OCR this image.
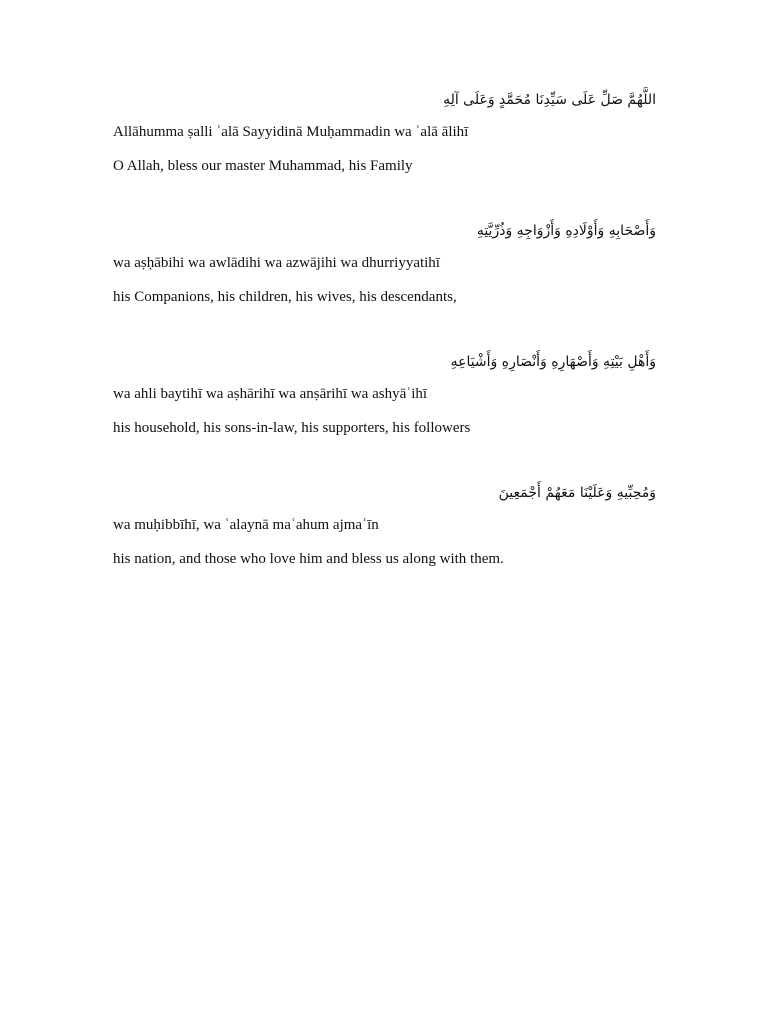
اللَّهُمَّ صَلِّ عَلَى سَيِّدِنَا مُحَمَّدٍ وَعَلَى آلِهِ
Allāhumma ṣalli ʿalā Sayyidinā Muḥammadin wa ʿalā ālihī
O Allah, bless our master Muhammad, his Family
وَأَصْحَابِهِ وَأَوْلَادِهِ وَأَزْوَاجِهِ وَذُرِّيَّتِهِ
wa aṣḥābihi wa awlādihi wa azwājihi wa dhurriyyatihī
his Companions, his children, his wives, his descendants,
وَأَهْلِ بَيْتِهِ وَأَصْهَارِهِ وَأَنْصَارِهِ وَأَشْيَاعِهِ
wa ahli baytihī wa aṣhārihī wa anṣārihī wa ashyāʿihī
his household, his sons-in-law, his supporters, his followers
وَمُحِبِّيهِ وَعَلَيْنَا مَعَهُمْ أَجْمَعِينَ
wa muḥibbīhī, wa ʿalaynā maʿahum ajmaʿīn
his nation, and those who love him and bless us along with them.
